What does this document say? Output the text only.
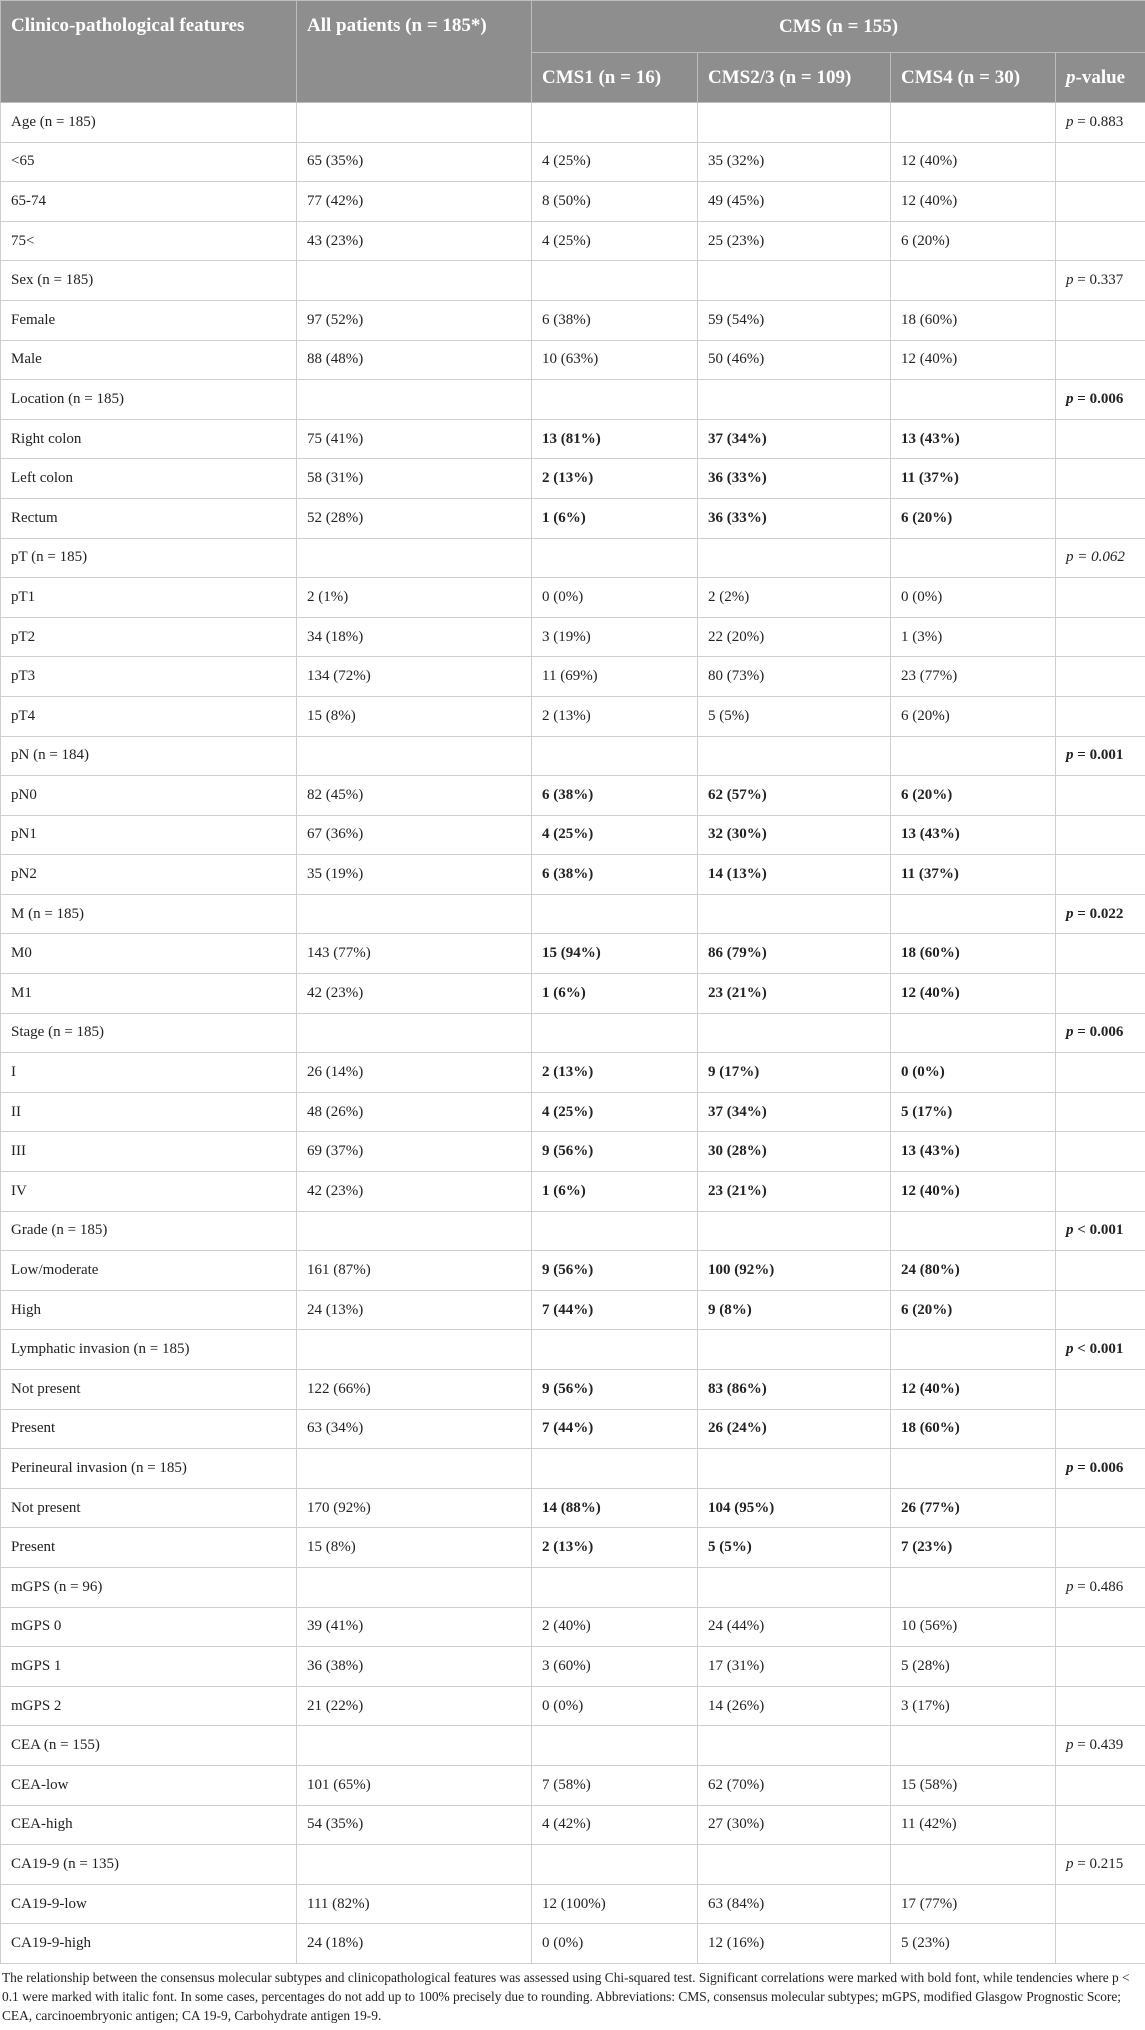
Clinico-pathological features	All patients (n = 185*)	CMS (n = 155)			
		CMS1 (n = 16)	CMS2/3 (n = 109)	CMS4 (n = 30)	p-value
Age (n = 185)					p = 0.883
<65	65 (35%)	4 (25%)	35 (32%)	12 (40%)	
65-74	77 (42%)	8 (50%)	49 (45%)	12 (40%)	
75<	43 (23%)	4 (25%)	25 (23%)	6 (20%)	
Sex (n = 185)					p = 0.337
Female	97 (52%)	6 (38%)	59 (54%)	18 (60%)	
Male	88 (48%)	10 (63%)	50 (46%)	12 (40%)	
Location (n = 185)					p = 0.006
Right colon	75 (41%)	13 (81%)	37 (34%)	13 (43%)	
Left colon	58 (31%)	2 (13%)	36 (33%)	11 (37%)	
Rectum	52 (28%)	1 (6%)	36 (33%)	6 (20%)	
pT (n = 185)					p = 0.062
pT1	2 (1%)	0 (0%)	2 (2%)	0 (0%)	
pT2	34 (18%)	3 (19%)	22 (20%)	1 (3%)	
pT3	134 (72%)	11 (69%)	80 (73%)	23 (77%)	
pT4	15 (8%)	2 (13%)	5 (5%)	6 (20%)	
pN (n = 184)					p = 0.001
pN0	82 (45%)	6 (38%)	62 (57%)	6 (20%)	
pN1	67 (36%)	4 (25%)	32 (30%)	13 (43%)	
pN2	35 (19%)	6 (38%)	14 (13%)	11 (37%)	
M (n = 185)					p = 0.022
M0	143 (77%)	15 (94%)	86 (79%)	18 (60%)	
M1	42 (23%)	1 (6%)	23 (21%)	12 (40%)	
Stage (n = 185)					p = 0.006
I	26 (14%)	2 (13%)	9 (17%)	0 (0%)	
II	48 (26%)	4 (25%)	37 (34%)	5 (17%)	
III	69 (37%)	9 (56%)	30 (28%)	13 (43%)	
IV	42 (23%)	1 (6%)	23 (21%)	12 (40%)	
Grade (n = 185)					p < 0.001
Low/moderate	161 (87%)	9 (56%)	100 (92%)	24 (80%)	
High	24 (13%)	7 (44%)	9 (8%)	6 (20%)	
Lymphatic invasion (n = 185)					p < 0.001
Not present	122 (66%)	9 (56%)	83 (86%)	12 (40%)	
Present	63 (34%)	7 (44%)	26 (24%)	18 (60%)	
Perineural invasion (n = 185)					p = 0.006
Not present	170 (92%)	14 (88%)	104 (95%)	26 (77%)	
Present	15 (8%)	2 (13%)	5 (5%)	7 (23%)	
mGPS (n = 96)					p = 0.486
mGPS 0	39 (41%)	2 (40%)	24 (44%)	10 (56%)	
mGPS 1	36 (38%)	3 (60%)	17 (31%)	5 (28%)	
mGPS 2	21 (22%)	0 (0%)	14 (26%)	3 (17%)	
CEA (n = 155)					p = 0.439
CEA-low	101 (65%)	7 (58%)	62 (70%)	15 (58%)	
CEA-high	54 (35%)	4 (42%)	27 (30%)	11 (42%)	
CA19-9 (n = 135)					p = 0.215
CA19-9-low	111 (82%)	12 (100%)	63 (84%)	17 (77%)	
CA19-9-high	24 (18%)	0 (0%)	12 (16%)	5 (23%)	
The relationship between the consensus molecular subtypes and clinicopathological features was assessed using Chi-squared test. Significant correlations were marked with bold font, while tendencies where p < 0.1 were marked with italic font. In some cases, percentages do not add up to 100% precisely due to rounding. Abbreviations: CMS, consensus molecular subtypes; mGPS, modified Glasgow Prognostic Score; CEA, carcinoembryonic antigen; CA 19-9, Carbohydrate antigen 19-9.
